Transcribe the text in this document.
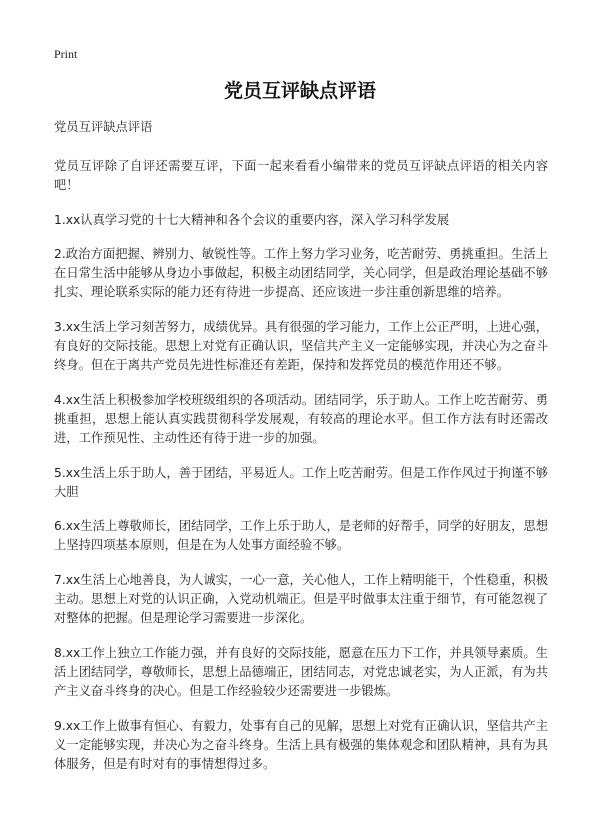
Print
党员互评缺点评语

党员互评缺点评语

党员互评除了自评还需要互评，下面一起来看看小编带来的党员互评缺点评语的相关内容吧！

1.xx认真学习党的十七大精神和各个会议的重要内容，深入学习科学发展

2.政治方面把握、辨别力、敏锐性等。工作上努力学习业务，吃苦耐劳、勇挑重担。生活上在日常生活中能够从身边小事做起，积极主动团结同学，关心同学，但是政治理论基础不够扎实、理论联系实际的能力还有待进一步提高、还应该进一步注重创新思维的培养。

3.xx生活上学习刻苦努力，成绩优异。具有很强的学习能力，工作上公正严明，上进心强，有良好的交际技能。思想上对党有正确认识，坚信共产主义一定能够实现，并决心为之奋斗终身。但在于离共产党员先进性标准还有差距，保持和发挥党员的模范作用还不够。

4.xx生活上积极参加学校班级组织的各项活动。团结同学，乐于助人。工作上吃苦耐劳、勇挑重担，思想上能认真实践贯彻科学发展观，有较高的理论水平。但工作方法有时还需改进，工作预见性、主动性还有待于进一步的加强。

5.xx生活上乐于助人，善于团结，平易近人。工作上吃苦耐劳。但是工作作风过于拘谨不够大胆

6.xx生活上尊敬师长，团结同学，工作上乐于助人，是老师的好帮手，同学的好朋友，思想上坚持四项基本原则，但是在为人处事方面经验不够。

7.xx生活上心地善良，为人诚实，一心一意，关心他人，工作上精明能干，个性稳重，积极主动。思想上对党的认识正确，入党动机端正。但是平时做事太注重于细节，有可能忽视了对整体的把握。但是理论学习需要进一步深化。

8.xx工作上独立工作能力强，并有良好的交际技能，愿意在压力下工作，并具领导素质。生活上团结同学，尊敬师长，思想上品德端正，团结同志，对党忠诚老实，为人正派，有为共产主义奋斗终身的决心。但是工作经验较少还需要进一步锻炼。

9.xx工作上做事有恒心、有毅力，处事有自己的见解，思想上对党有正确认识，坚信共产主义一定能够实现，并决心为之奋斗终身。生活上具有极强的集体观念和团队精神，具有为具体服务，但是有时对有的事情想得过多。
